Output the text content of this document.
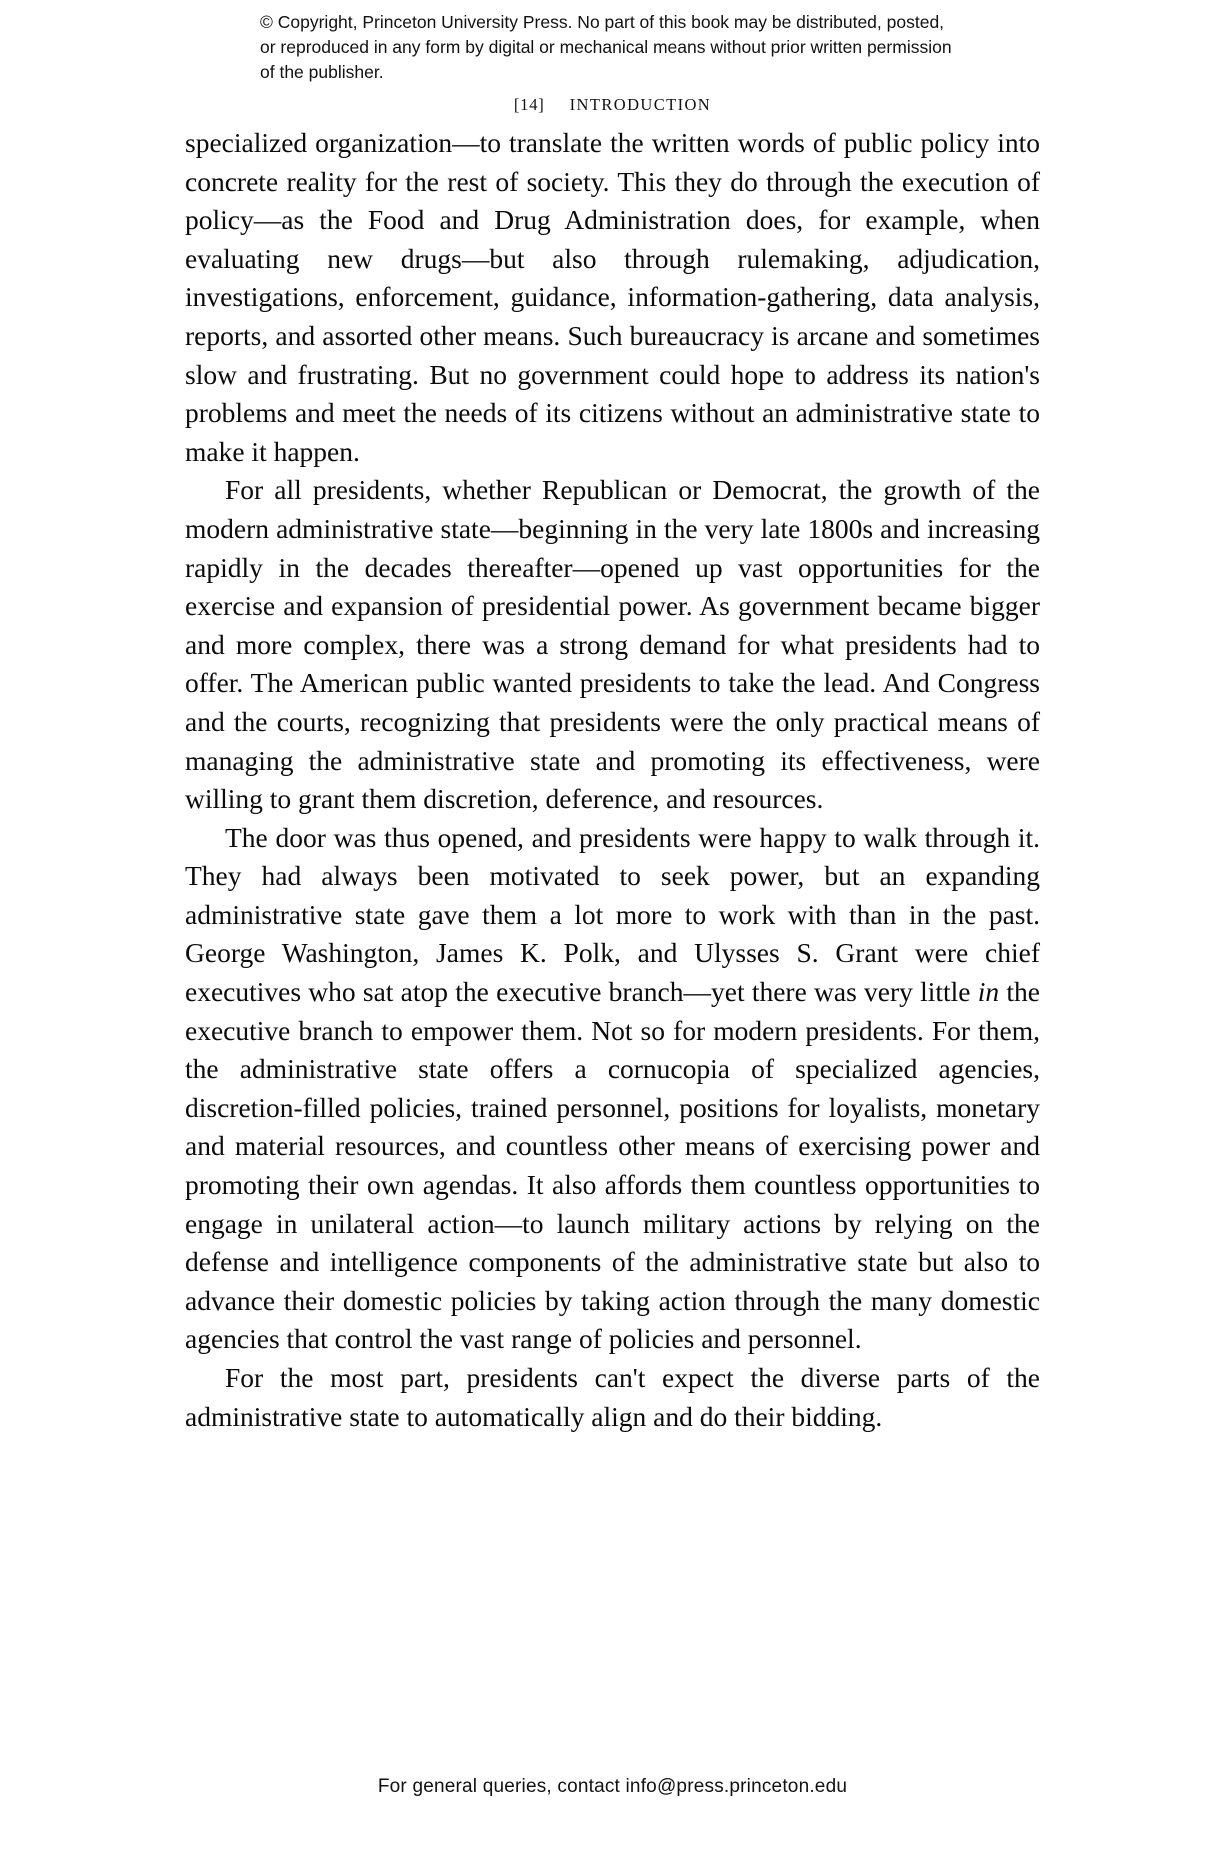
© Copyright, Princeton University Press. No part of this book may be distributed, posted, or reproduced in any form by digital or mechanical means without prior written permission of the publisher.
[14] INTRODUCTION

specialized organization—to translate the written words of public policy into concrete reality for the rest of society. This they do through the execution of policy—as the Food and Drug Administration does, for example, when evaluating new drugs—but also through rulemaking, adjudication, investigations, enforcement, guidance, information-gathering, data analysis, reports, and assorted other means. Such bureaucracy is arcane and sometimes slow and frustrating. But no government could hope to address its nation's problems and meet the needs of its citizens without an administrative state to make it happen.

For all presidents, whether Republican or Democrat, the growth of the modern administrative state—beginning in the very late 1800s and increasing rapidly in the decades thereafter—opened up vast opportunities for the exercise and expansion of presidential power. As government became bigger and more complex, there was a strong demand for what presidents had to offer. The American public wanted presidents to take the lead. And Congress and the courts, recognizing that presidents were the only practical means of managing the administrative state and promoting its effectiveness, were willing to grant them discretion, deference, and resources.

The door was thus opened, and presidents were happy to walk through it. They had always been motivated to seek power, but an expanding administrative state gave them a lot more to work with than in the past. George Washington, James K. Polk, and Ulysses S. Grant were chief executives who sat atop the executive branch—yet there was very little in the executive branch to empower them. Not so for modern presidents. For them, the administrative state offers a cornucopia of specialized agencies, discretion-filled policies, trained personnel, positions for loyalists, monetary and material resources, and countless other means of exercising power and promoting their own agendas. It also affords them countless opportunities to engage in unilateral action—to launch military actions by relying on the defense and intelligence components of the administrative state but also to advance their domestic policies by taking action through the many domestic agencies that control the vast range of policies and personnel.

For the most part, presidents can't expect the diverse parts of the administrative state to automatically align and do their bidding.

For general queries, contact info@press.princeton.edu
